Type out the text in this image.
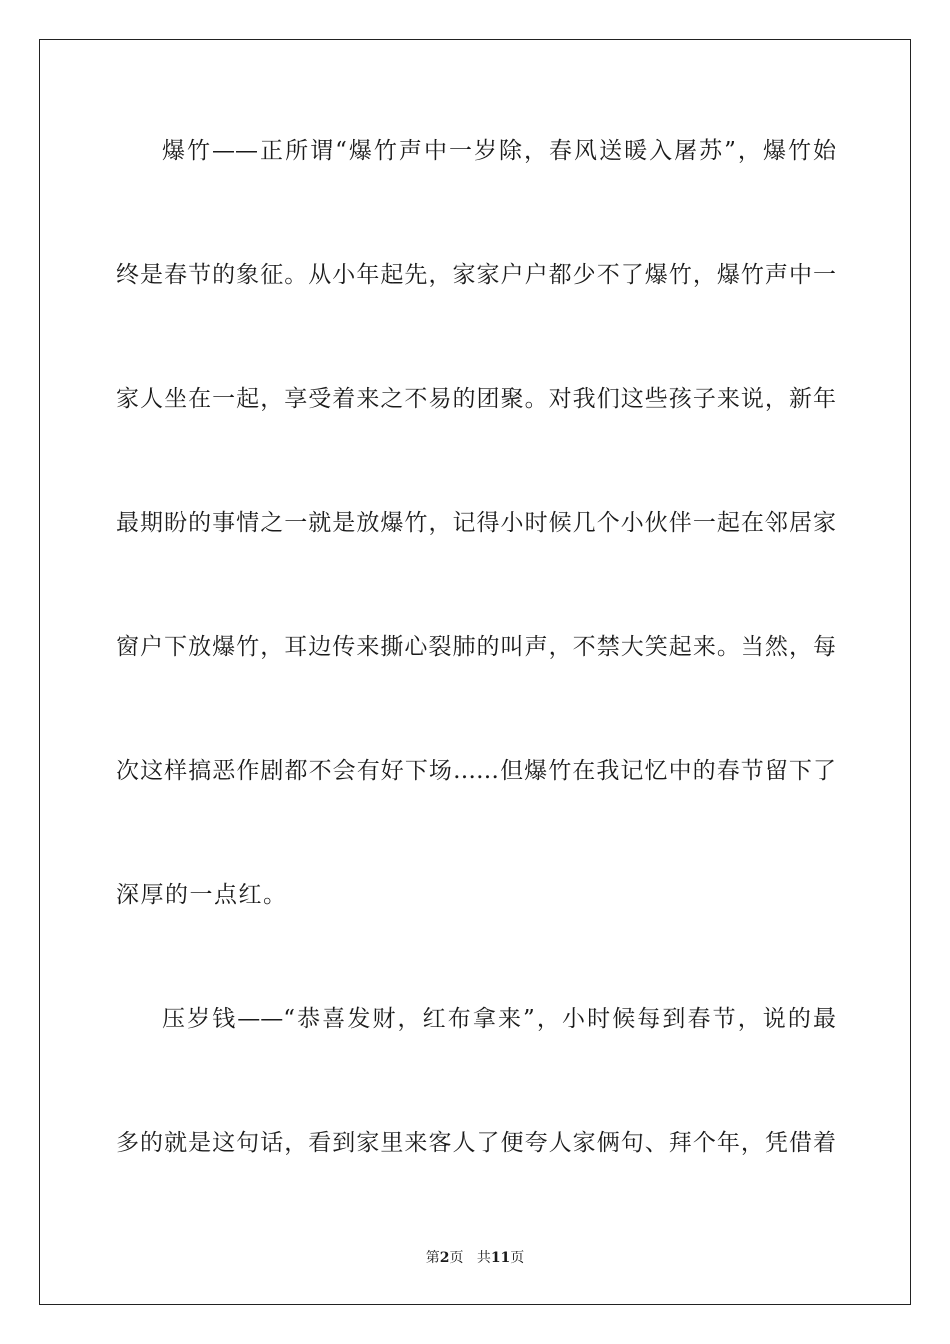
爆竹——正所谓“爆竹声中一岁除，春风送暖入屠苏”，爆竹始
终是春节的象征。从小年起先，家家户户都少不了爆竹，爆竹声中一
家人坐在一起，享受着来之不易的团聚。对我们这些孩子来说，新年
最期盼的事情之一就是放爆竹，记得小时候几个小伙伴一起在邻居家
窗户下放爆竹，耳边传来撕心裂肺的叫声，不禁大笑起来。当然，每
次这样搞恶作剧都不会有好下场……但爆竹在我记忆中的春节留下了
深厚的一点红。
压岁钱——“恭喜发财，红布拿来”，小时候每到春节，说的最
多的就是这句话，看到家里来客人了便夸人家俩句、拜个年，凭借着
第2页 共11页
